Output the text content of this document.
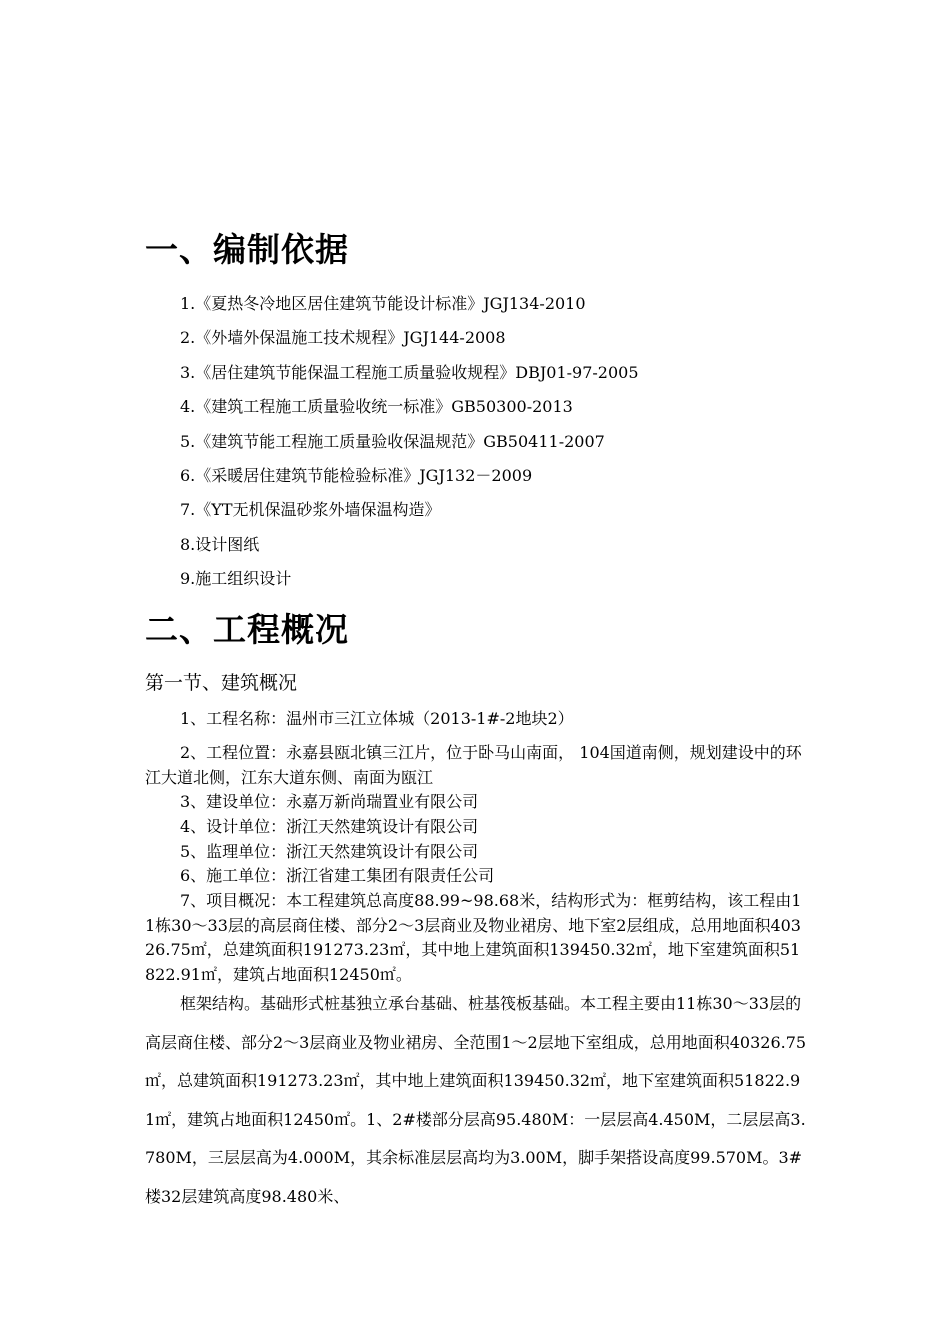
一、编制依据
1.《夏热冬冷地区居住建筑节能设计标准》JGJ134-2010
2.《外墙外保温施工技术规程》JGJ144-2008
3.《居住建筑节能保温工程施工质量验收规程》DBJ01-97-2005
4.《建筑工程施工质量验收统一标准》GB50300-2013
5.《建筑节能工程施工质量验收保温规范》GB50411-2007
6.《采暖居住建筑节能检验标准》JGJ132－2009
7.《YT无机保温砂浆外墙保温构造》
8.设计图纸
9.施工组织设计
二、工程概况
第一节、建筑概况
1、工程名称：温州市三江立体城（2013-1#-2地块2）
2、工程位置：永嘉县瓯北镇三江片，位于卧马山南面， 104国道南侧，规划建设中的环江大道北侧，江东大道东侧、南面为瓯江
3、建设单位：永嘉万新尚瑞置业有限公司
4、设计单位：浙江天然建筑设计有限公司
5、监理单位：浙江天然建筑设计有限公司
6、施工单位：浙江省建工集团有限责任公司
7、项目概况：本工程建筑总高度88.99~98.68米，结构形式为：框剪结构，该工程由11栋30～33层的高层商住楼、部分2～3层商业及物业裙房、地下室2层组成，总用地面积40326.75㎡，总建筑面积191273.23㎡，其中地上建筑面积139450.32㎡，地下室建筑面积51822.91㎡，建筑占地面积12450㎡。
框架结构。基础形式桩基独立承台基础、桩基筏板基础。本工程主要由11栋30～33层的高层商住楼、部分2～3层商业及物业裙房、全范围1～2层地下室组成，总用地面积40326.75㎡，总建筑面积191273.23㎡，其中地上建筑面积139450.32㎡，地下室建筑面积51822.91㎡，建筑占地面积12450㎡。1、2#楼部分层高95.480M：一层层高4.450M，二层层高3.780M，三层层高为4.000M，其余标准层层高均为3.00M，脚手架搭设高度99.570M。3#楼32层建筑高度98.480米、
